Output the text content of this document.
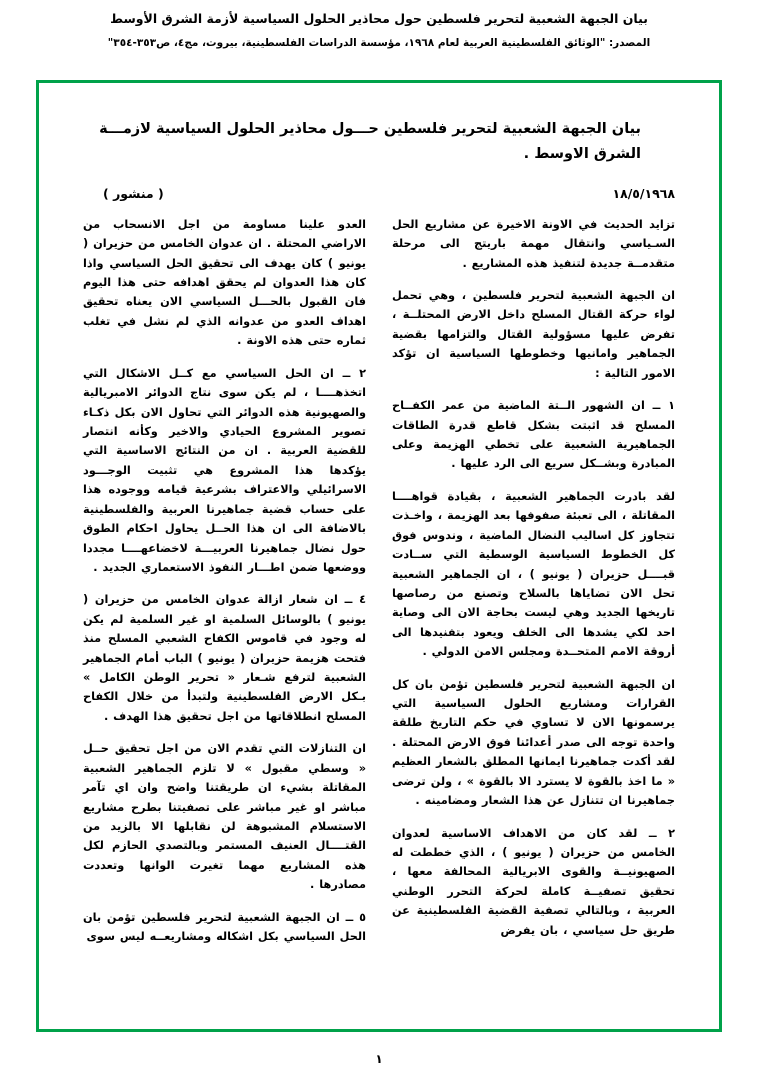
بيان الجبهة الشعبية لتحرير فلسطين حول محاذير الحلول السياسية لأزمة الشرق الأوسط
المصدر: "الوثائق الفلسطينية العربية لعام ١٩٦٨، مؤسسة الدراسات الفلسطينية، بيروت، مج٤، ص٣٥٣-٣٥٤"
بيان الجبهة الشعبية لتحرير فلسطين حـــول محاذير الحلول السياسية لازمـــة الشرق الاوسط .
١٨/٥/١٩٦٨
( منشور )

تزايد الحديث في الاونة الاخيرة عن مشاريع الحل السـياسي وانتقال مهمة باريتج الى مرحلة متقدمــة جديدة لتنفيذ هذه المشاريع .

ان الجبهة الشعبية لتحرير فلسطين ، وهي تحمل لواء حركة القتال المسلح داخل الارض المحتلــة ، تفرض عليها مسؤولية القتال والتزامها بقضية الجماهير وامانيها وخطوطها السياسية ان تؤكد الامور التالية :

١ ــ ان الشهور الــتة الماضية من عمر الكفــاح المسلح قد اثبتت بشكل قاطع قدرة الطاقات الجماهيرية الشعبية على تخطي الهزيمة وعلى المبادرة وبشــكل سريع الى الرد عليها .

لقد بادرت الجماهير الشعبية ، بقيادة قواهــــا المقاتلة ، الى تعبئة صفوفها بعد الهزيمة ، واخـذت تتجاوز كل اساليب النضال الماضية ، وندوس فوق كل الخطوط السياسية الوسطية التي ســادت قبــــل حزيران ( يونيو ) ، ان الجماهير الشعبية تحل الان تضاياها بالسلاح وتصنع من رصاصها تاريخها الجديد وهي ليست بحاجة الان الى وصاية احد لكي يشدها الى الخلف ويعود بتفنيدها الى أروقة الامم المتحــدة ومجلس الامن الدولي .

ان الجبهة الشعبية لتحرير فلسطين تؤمن بان كل القرارات ومشاريع الحلول السياسية التي يرسمونها الان لا تساوي في حكم التاريخ طلقة واحدة توجه الى صدر أعدائنا فوق الارض المحتلة . لقد أكدت جماهيرنا ايمانها المطلق بالشعار العظيم « ما اخذ بالقوة لا يسترد الا بالقوة » ، ولن ترضى جماهيرنا ان تتنازل عن هذا الشعار ومضامينه .

٢ ــ لقد كان من الاهداف الاساسية لعدوان الخامس من حزيران ( يونيو ) ، الذي خططت له الصهيونيــة والقوى الابريالية المحالفة معها ، تحقيق تصفيــة كاملة لحركة التحرر الوطني العربية ، وبالتالي تصفية القضية الفلسطينية عن طريق حل سياسي ، بان يفرض

العدو علينا مساومة من اجل الانسحاب من الاراضي المحتلة . ان عدوان الخامس من حزيران ( يونيو ) كان يهدف الى تحقيق الحل السياسي واذا كان هذا العدوان لم يحقق اهدافه حتى هذا اليوم فان القبول بالحـــل السياسي الان يعناه تحقيق اهداف العدو من عدوانه الذي لم نشل في تغلب ثماره حتى هذه الاونة .

٢ ــ ان الحل السياسي مع كــل الاشكال التي اتخذهــــا ، لم يكن سوى نتاج الدوائر الامبريالية والصهيونية هذه الدوائر التي تحاول الان بكل ذكـاء تصوير المشروع الحيادي والاخير وكأنه انتصار للقضية العربية . ان من النتائج الاساسية التي يؤكدها هذا المشروع هي تثبيت الوجـــود الاسرائيلي والاعتراف بشرعية قيامه ووجوده هذا على حساب قضية جماهيرنا العربية والفلسطينية بالاضافة الى ان هذا الحــل يحاول احكام الطوق حول نضال جماهيرنا العربيـــة لاخضاعهــــا مجددا ووضعها ضمن اطـــار النفوذ الاستعماري الجديد .

٤ ــ ان شعار ازالة عدوان الخامس من حزيران ( يونيو ) بالوسائل السلمية او غير السلمية لم يكن له وجود في قاموس الكفاح الشعبي المسلح منذ فتحت هزيمة حزيران ( يونيو ) الباب أمام الجماهير الشعبية لترفع شـعار « تحرير الوطن الكامل » بـكل الارض الفلسطينية ولتبدأ من خلال الكفاح المسلح انطلاقاتها من اجل تحقيق هذا الهدف .

ان التنازلات التي تقدم الان من اجل تحقيق حــل « وسطي مقبول » لا تلزم الجماهير الشعبية المقاتلة بشيء ان طريقتنا واضح وان اي تآمر مباشر او غير مباشر على تصفيتنا بطرح مشاريع الاستسلام المشبوهة لن نقابلها الا بالزيد من القتــــال العنيف المستمر وبالتصدي الحازم لكل هذه المشاريع مهما تغيرت الوانها وتعددت مصادرها .

٥ ــ ان الجبهة الشعبية لتحرير فلسطين تؤمن بان الحل السياسي بكل اشكاله ومشاريعــه ليس سوى

١
